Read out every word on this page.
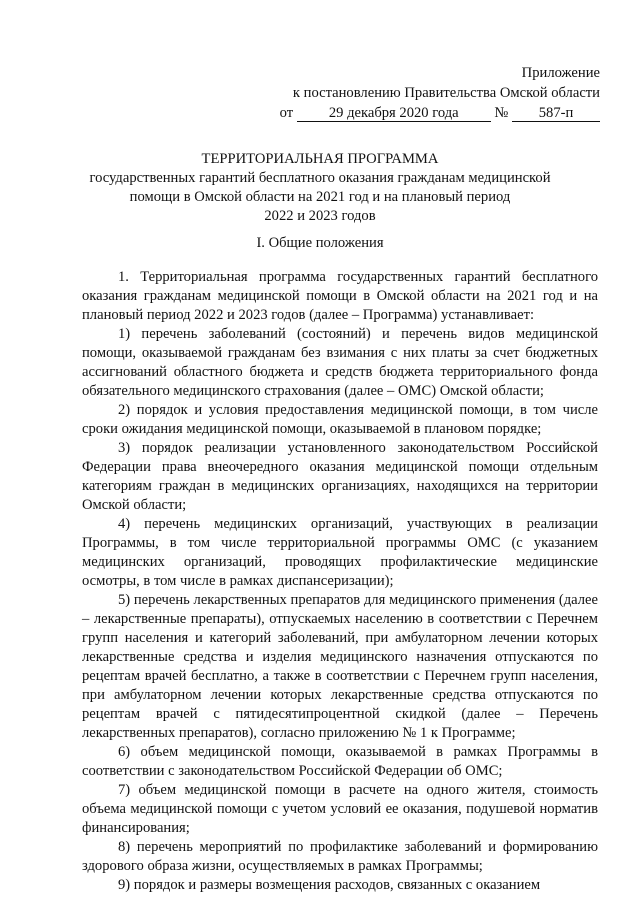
Приложение
к постановлению Правительства Омской области
от 29 декабря 2020 года № 587-п
ТЕРРИТОРИАЛЬНАЯ ПРОГРАММА
государственных гарантий бесплатного оказания гражданам медицинской
помощи в Омской области на 2021 год и на плановый период
2022 и 2023 годов
I. Общие положения

1. Территориальная программа государственных гарантий бесплатного оказания гражданам медицинской помощи в Омской области на 2021 год и на плановый период 2022 и 2023 годов (далее – Программа) устанавливает:

1) перечень заболеваний (состояний) и перечень видов медицинской помощи, оказываемой гражданам без взимания с них платы за счет бюджетных ассигнований областного бюджета и средств бюджета территориального фонда обязательного медицинского страхования (далее – ОМС) Омской области;

2) порядок и условия предоставления медицинской помощи, в том числе сроки ожидания медицинской помощи, оказываемой в плановом порядке;

3) порядок реализации установленного законодательством Российской Федерации права внеочередного оказания медицинской помощи отдельным категориям граждан в медицинских организациях, находящихся на территории Омской области;

4) перечень медицинских организаций, участвующих в реализации Программы, в том числе территориальной программы ОМС (с указанием медицинских организаций, проводящих профилактические медицинские осмотры, в том числе в рамках диспансеризации);

5) перечень лекарственных препаратов для медицинского применения (далее – лекарственные препараты), отпускаемых населению в соответствии с Перечнем групп населения и категорий заболеваний, при амбулаторном лечении которых лекарственные средства и изделия медицинского назначения отпускаются по рецептам врачей бесплатно, а также в соответствии с Перечнем групп населения, при амбулаторном лечении которых лекарственные средства отпускаются по рецептам врачей с пятидесятипроцентной скидкой (далее – Перечень лекарственных препаратов), согласно приложению № 1 к Программе;

6) объем медицинской помощи, оказываемой в рамках Программы в соответствии с законодательством Российской Федерации об ОМС;

7) объем медицинской помощи в расчете на одного жителя, стоимость объема медицинской помощи с учетом условий ее оказания, подушевой норматив финансирования;

8) перечень мероприятий по профилактике заболеваний и формированию здорового образа жизни, осуществляемых в рамках Программы;

9) порядок и размеры возмещения расходов, связанных с оказанием
